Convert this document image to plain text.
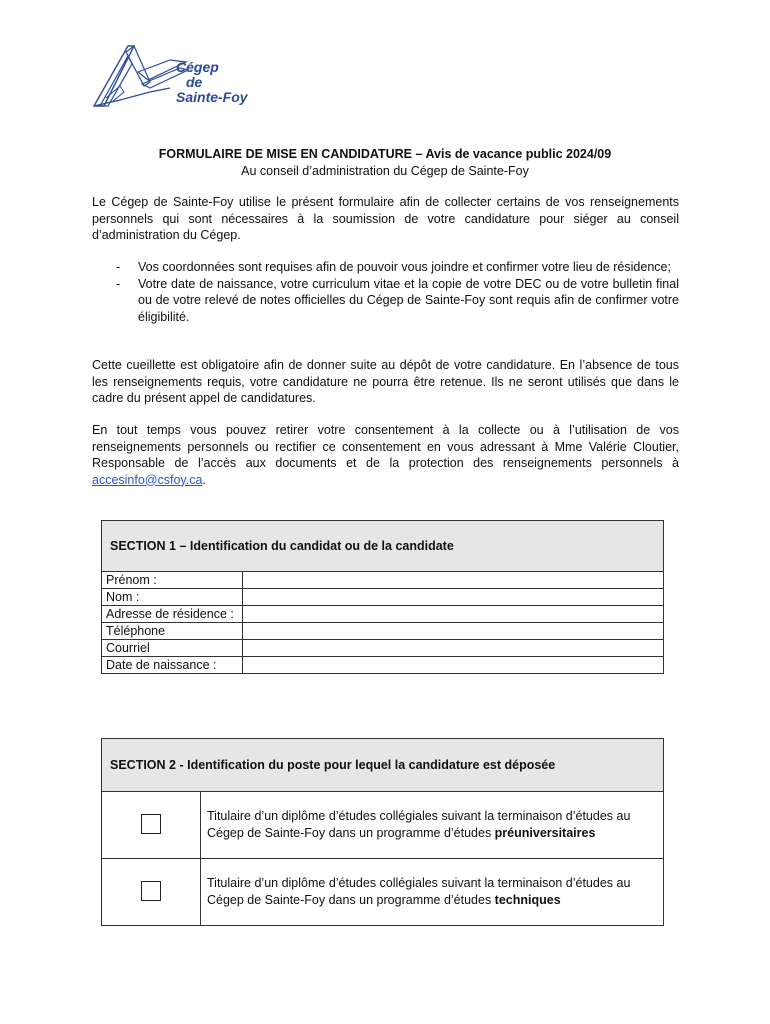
Cégep
de
Sainte-Foy
FORMULAIRE DE MISE EN CANDIDATURE – Avis de vacance public 2024/09
Au conseil d’administration du Cégep de Sainte-Foy
Le Cégep de Sainte-Foy utilise le présent formulaire afin de collecter certains de vos renseignements personnels qui sont nécessaires à la soumission de votre candidature pour siéger au conseil d’administration du Cégep.
- Vos coordonnées sont requises afin de pouvoir vous joindre et confirmer votre lieu de résidence;
- Votre date de naissance, votre curriculum vitae et la copie de votre DEC ou de votre bulletin final ou de votre relevé de notes officielles du Cégep de Sainte-Foy sont requis afin de confirmer votre éligibilité.
Cette cueillette est obligatoire afin de donner suite au dépôt de votre candidature. En l’absence de tous les renseignements requis, votre candidature ne pourra être retenue. Ils ne seront utilisés que dans le cadre du présent appel de candidatures.
En tout temps vous pouvez retirer votre consentement à la collecte ou à l’utilisation de vos renseignements personnels ou rectifier ce consentement en vous adressant à Mme Valérie Cloutier, Responsable de l’accès aux documents et de la protection des renseignements personnels à accesinfo@csfoy.ca.
SECTION 1 – Identification du candidat ou de la candidate	
Prénom :	
Nom :	
Adresse de résidence :	
Téléphone	
Courriel	
Date de naissance :	
SECTION 2 - Identification du poste pour lequel la candidature est déposée	
	Titulaire d’un diplôme d’études collégiales suivant la terminaison d’études au Cégep de Sainte-Foy dans un programme d’études préuniversitaires
	Titulaire d’un diplôme d’études collégiales suivant la terminaison d’études au Cégep de Sainte-Foy dans un programme d’études techniques
